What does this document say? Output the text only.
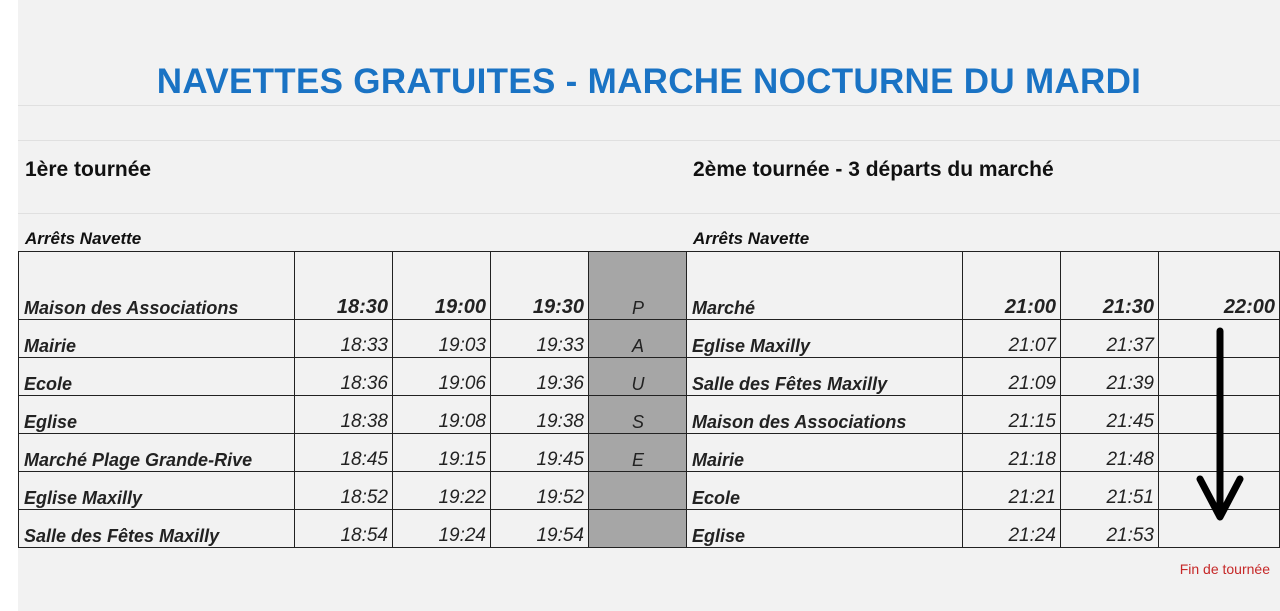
NAVETTES GRATUITES - MARCHE NOCTURNE DU MARDI
1ère tournée	2ème tournée - 3 départs du marché
Arrêts Navette	Arrêts Navette
Maison des Associations	18:30	19:00	19:30	P	Marché	21:00	21:30	22:00
Mairie	18:33	19:03	19:33	A	Eglise Maxilly	21:07	21:37	
Ecole	18:36	19:06	19:36	U	Salle des Fêtes Maxilly	21:09	21:39	
Eglise	18:38	19:08	19:38	S	Maison des Associations	21:15	21:45	
Marché Plage Grande-Rive	18:45	19:15	19:45	E	Mairie	21:18	21:48	
Eglise Maxilly	18:52	19:22	19:52		Ecole	21:21	21:51	
Salle des Fêtes Maxilly	18:54	19:24	19:54		Eglise	21:24	21:53	
Fin de tournée
